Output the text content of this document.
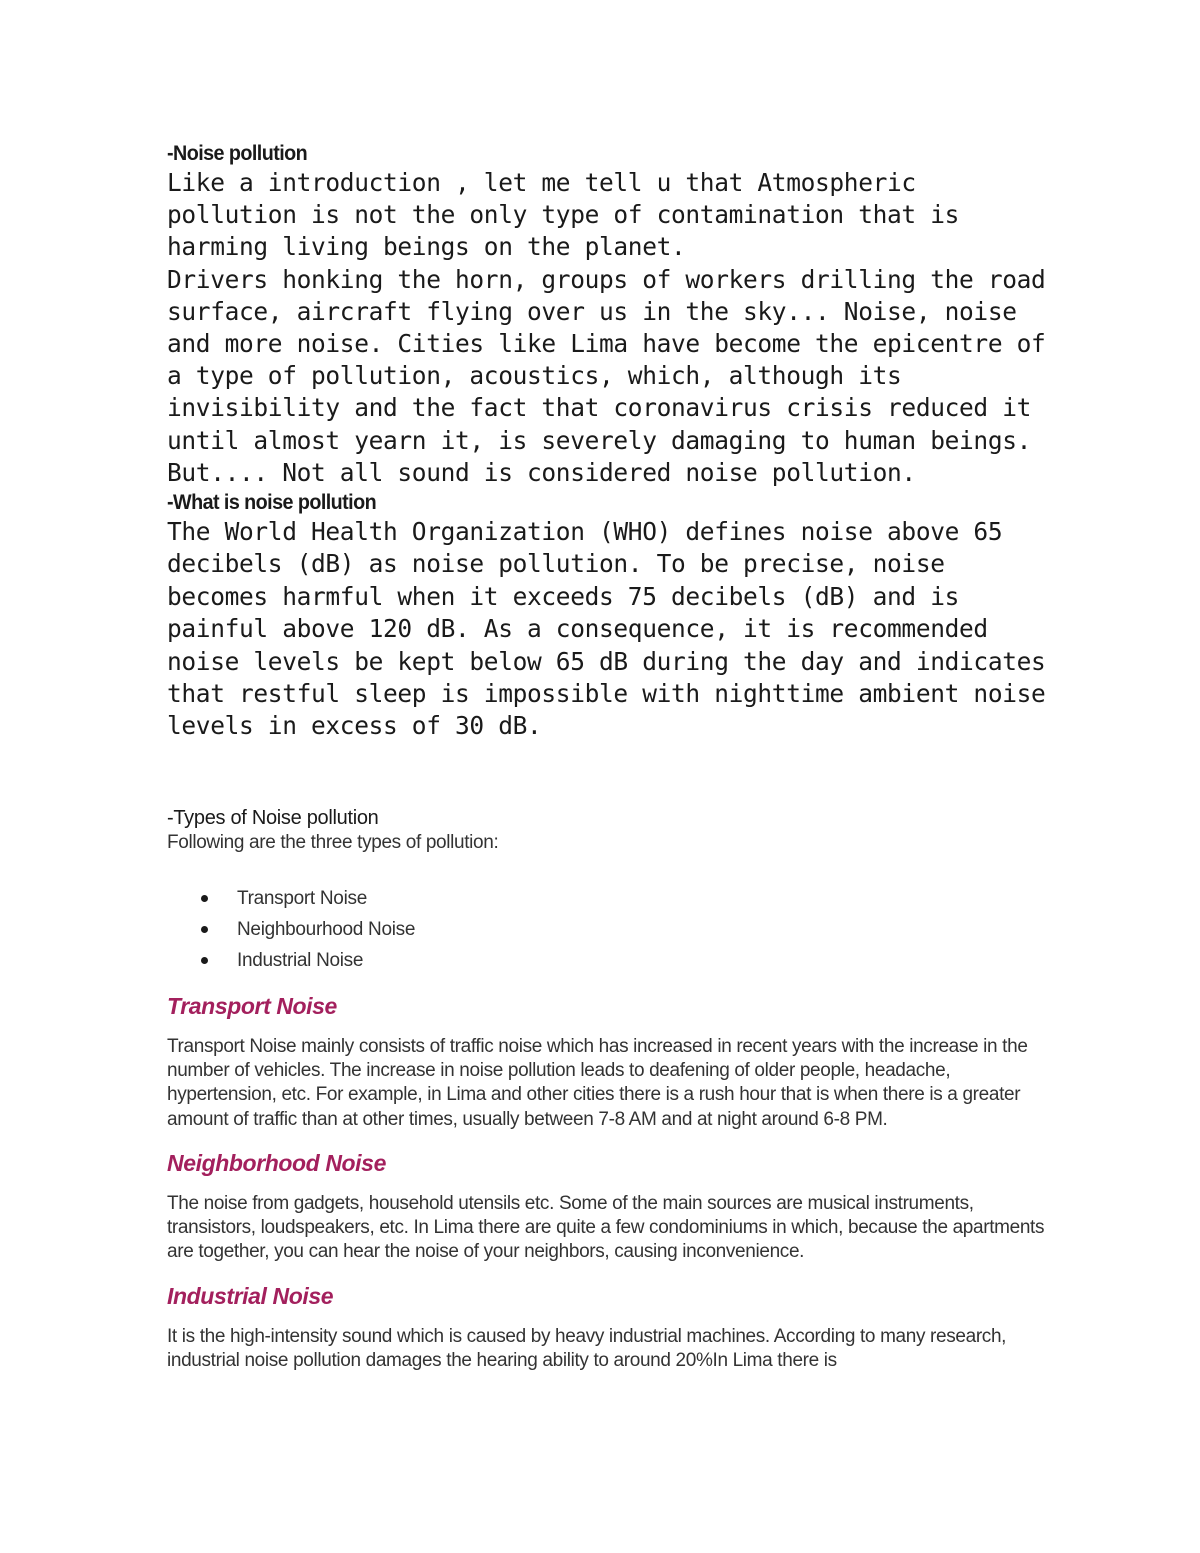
-Noise pollution

Like a introduction , let me tell u that Atmospheric pollution is not the only type of contamination that is harming living beings on the planet.

Drivers honking the horn, groups of workers drilling the road surface, aircraft flying over us in the sky... Noise, noise and more noise. Cities like Lima have become the epicentre of a type of pollution, acoustics, which, although its invisibility and the fact that coronavirus crisis reduced it until almost yearn it, is severely damaging to human beings.

But.... Not all sound is considered noise pollution.

-What is noise pollution

The World Health Organization (WHO) defines noise above 65 decibels (dB) as noise pollution. To be precise, noise becomes harmful when it exceeds 75 decibels (dB) and is painful above 120 dB. As a consequence, it is recommended noise levels be kept below 65 dB during the day and indicates that restful sleep is impossible with nighttime ambient noise levels in excess of 30 dB.

-Types of Noise pollution

Following are the three types of pollution:

Transport Noise
Neighbourhood Noise
Industrial Noise

Transport Noise

Transport Noise mainly consists of traffic noise which has increased in recent years with the increase in the number of vehicles. The increase in noise pollution leads to deafening of older people, headache, hypertension, etc. For example, in Lima and other cities there is a rush hour that is when there is a greater amount of traffic than at other times, usually between 7-8 AM and at night around 6-8 PM.

Neighborhood Noise

The noise from gadgets, household utensils etc. Some of the main sources are musical instruments, transistors, loudspeakers, etc. In Lima there are quite a few condominiums in which, because the apartments are together, you can hear the noise of your neighbors, causing inconvenience.

Industrial Noise

It is the high-intensity sound which is caused by heavy industrial machines. According to many research, industrial noise pollution damages the hearing ability to around 20%In Lima there is
